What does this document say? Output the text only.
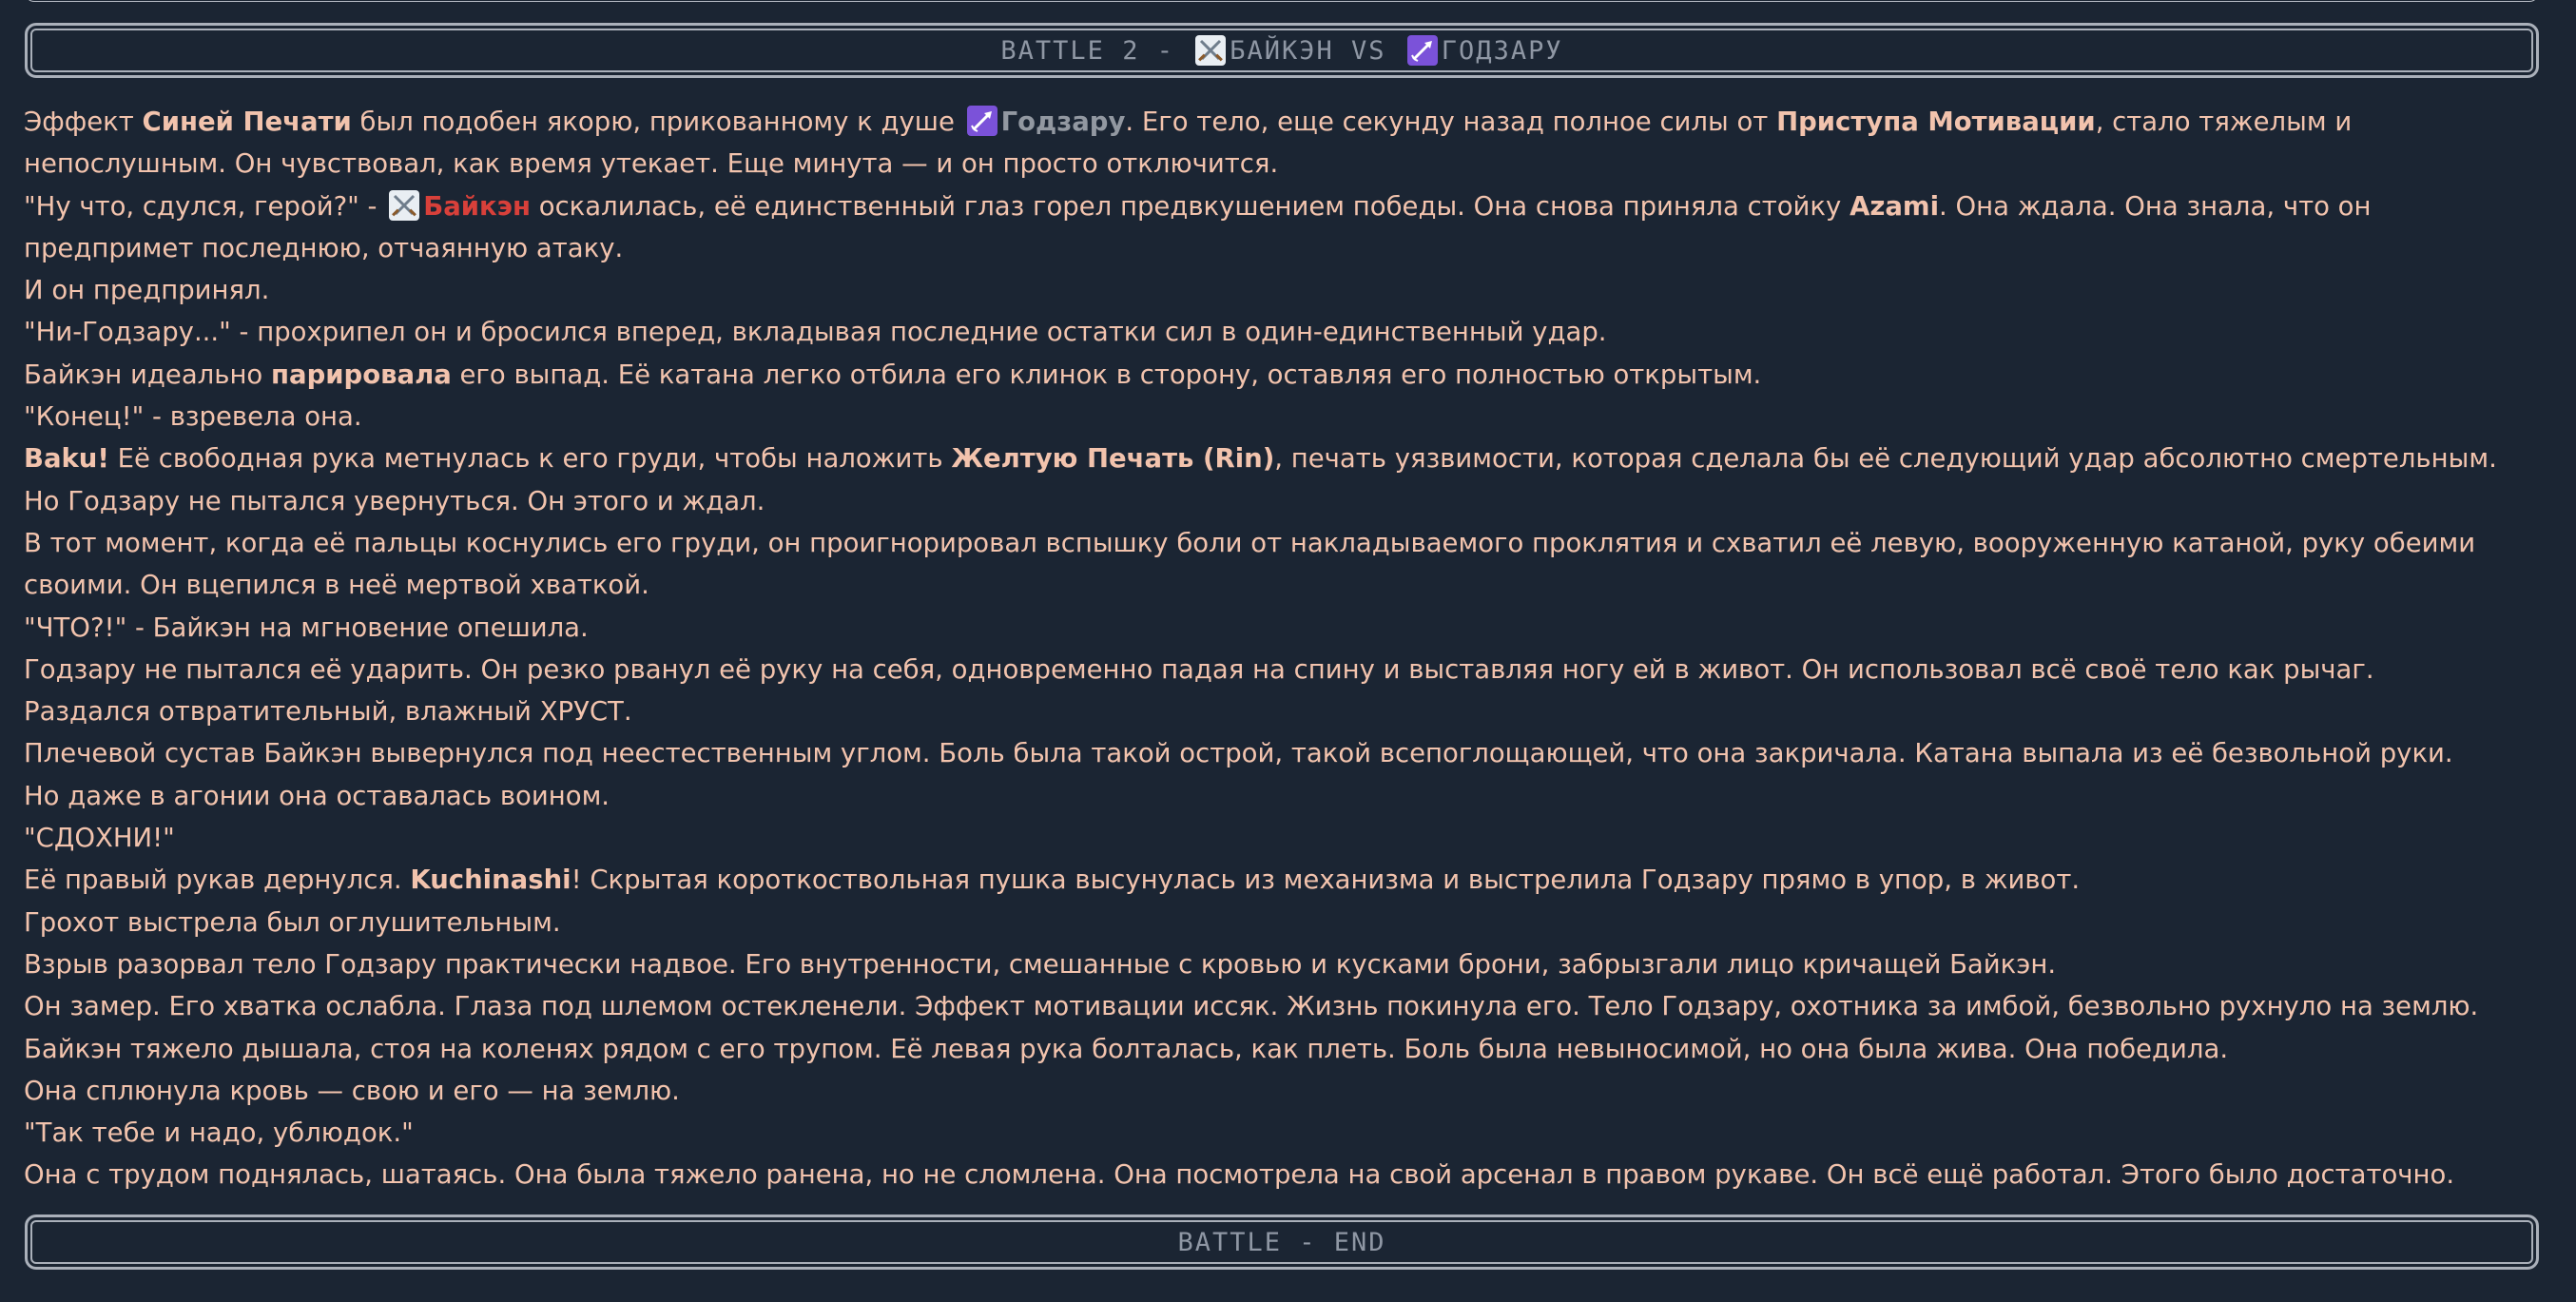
BATTLE 2 - БАЙКЭН VS ГОДЗАРУ

Эффект Синей Печати был подобен якорю, прикованному к душе Годзару. Его тело, еще секунду назад полное силы от Приступа Мотивации, стало тяжелым и непослушным. Он чувствовал, как время утекает. Еще минута — и он просто отключится.

"Ну что, сдулся, герой?" - Байкэн оскалилась, её единственный глаз горел предвкушением победы. Она снова приняла стойку Azami. Она ждала. Она знала, что он предпримет последнюю, отчаянную атаку.

И он предпринял.

"Ни-Годзару..." - прохрипел он и бросился вперед, вкладывая последние остатки сил в один-единственный удар.

Байкэн идеально парировала его выпад. Её катана легко отбила его клинок в сторону, оставляя его полностью открытым.

"Конец!" - взревела она.

Baku! Её свободная рука метнулась к его груди, чтобы наложить Желтую Печать (Rin), печать уязвимости, которая сделала бы её следующий удар абсолютно смертельным.

Но Годзару не пытался увернуться. Он этого и ждал.

В тот момент, когда её пальцы коснулись его груди, он проигнорировал вспышку боли от накладываемого проклятия и схватил её левую, вооруженную катаной, руку обеими своими. Он вцепился в неё мертвой хваткой.

"ЧТО?!" - Байкэн на мгновение опешила.

Годзару не пытался её ударить. Он резко рванул её руку на себя, одновременно падая на спину и выставляя ногу ей в живот. Он использовал всё своё тело как рычаг.

Раздался отвратительный, влажный ХРУСТ.

Плечевой сустав Байкэн вывернулся под неестественным углом. Боль была такой острой, такой всепоглощающей, что она закричала. Катана выпала из её безвольной руки.

Но даже в агонии она оставалась воином.

"СДОХНИ!"

Её правый рукав дернулся. Kuchinashi! Скрытая короткоствольная пушка высунулась из механизма и выстрелила Годзару прямо в упор, в живот.

Грохот выстрела был оглушительным.

Взрыв разорвал тело Годзару практически надвое. Его внутренности, смешанные с кровью и кусками брони, забрызгали лицо кричащей Байкэн.

Он замер. Его хватка ослабла. Глаза под шлемом остекленели. Эффект мотивации иссяк. Жизнь покинула его. Тело Годзару, охотника за имбой, безвольно рухнуло на землю.

Байкэн тяжело дышала, стоя на коленях рядом с его трупом. Её левая рука болталась, как плеть. Боль была невыносимой, но она была жива. Она победила.

Она сплюнула кровь — свою и его — на землю.

"Так тебе и надо, ублюдок."

Она с трудом поднялась, шатаясь. Она была тяжело ранена, но не сломлена. Она посмотрела на свой арсенал в правом рукаве. Он всё ещё работал. Этого было достаточно.

BATTLE - END
